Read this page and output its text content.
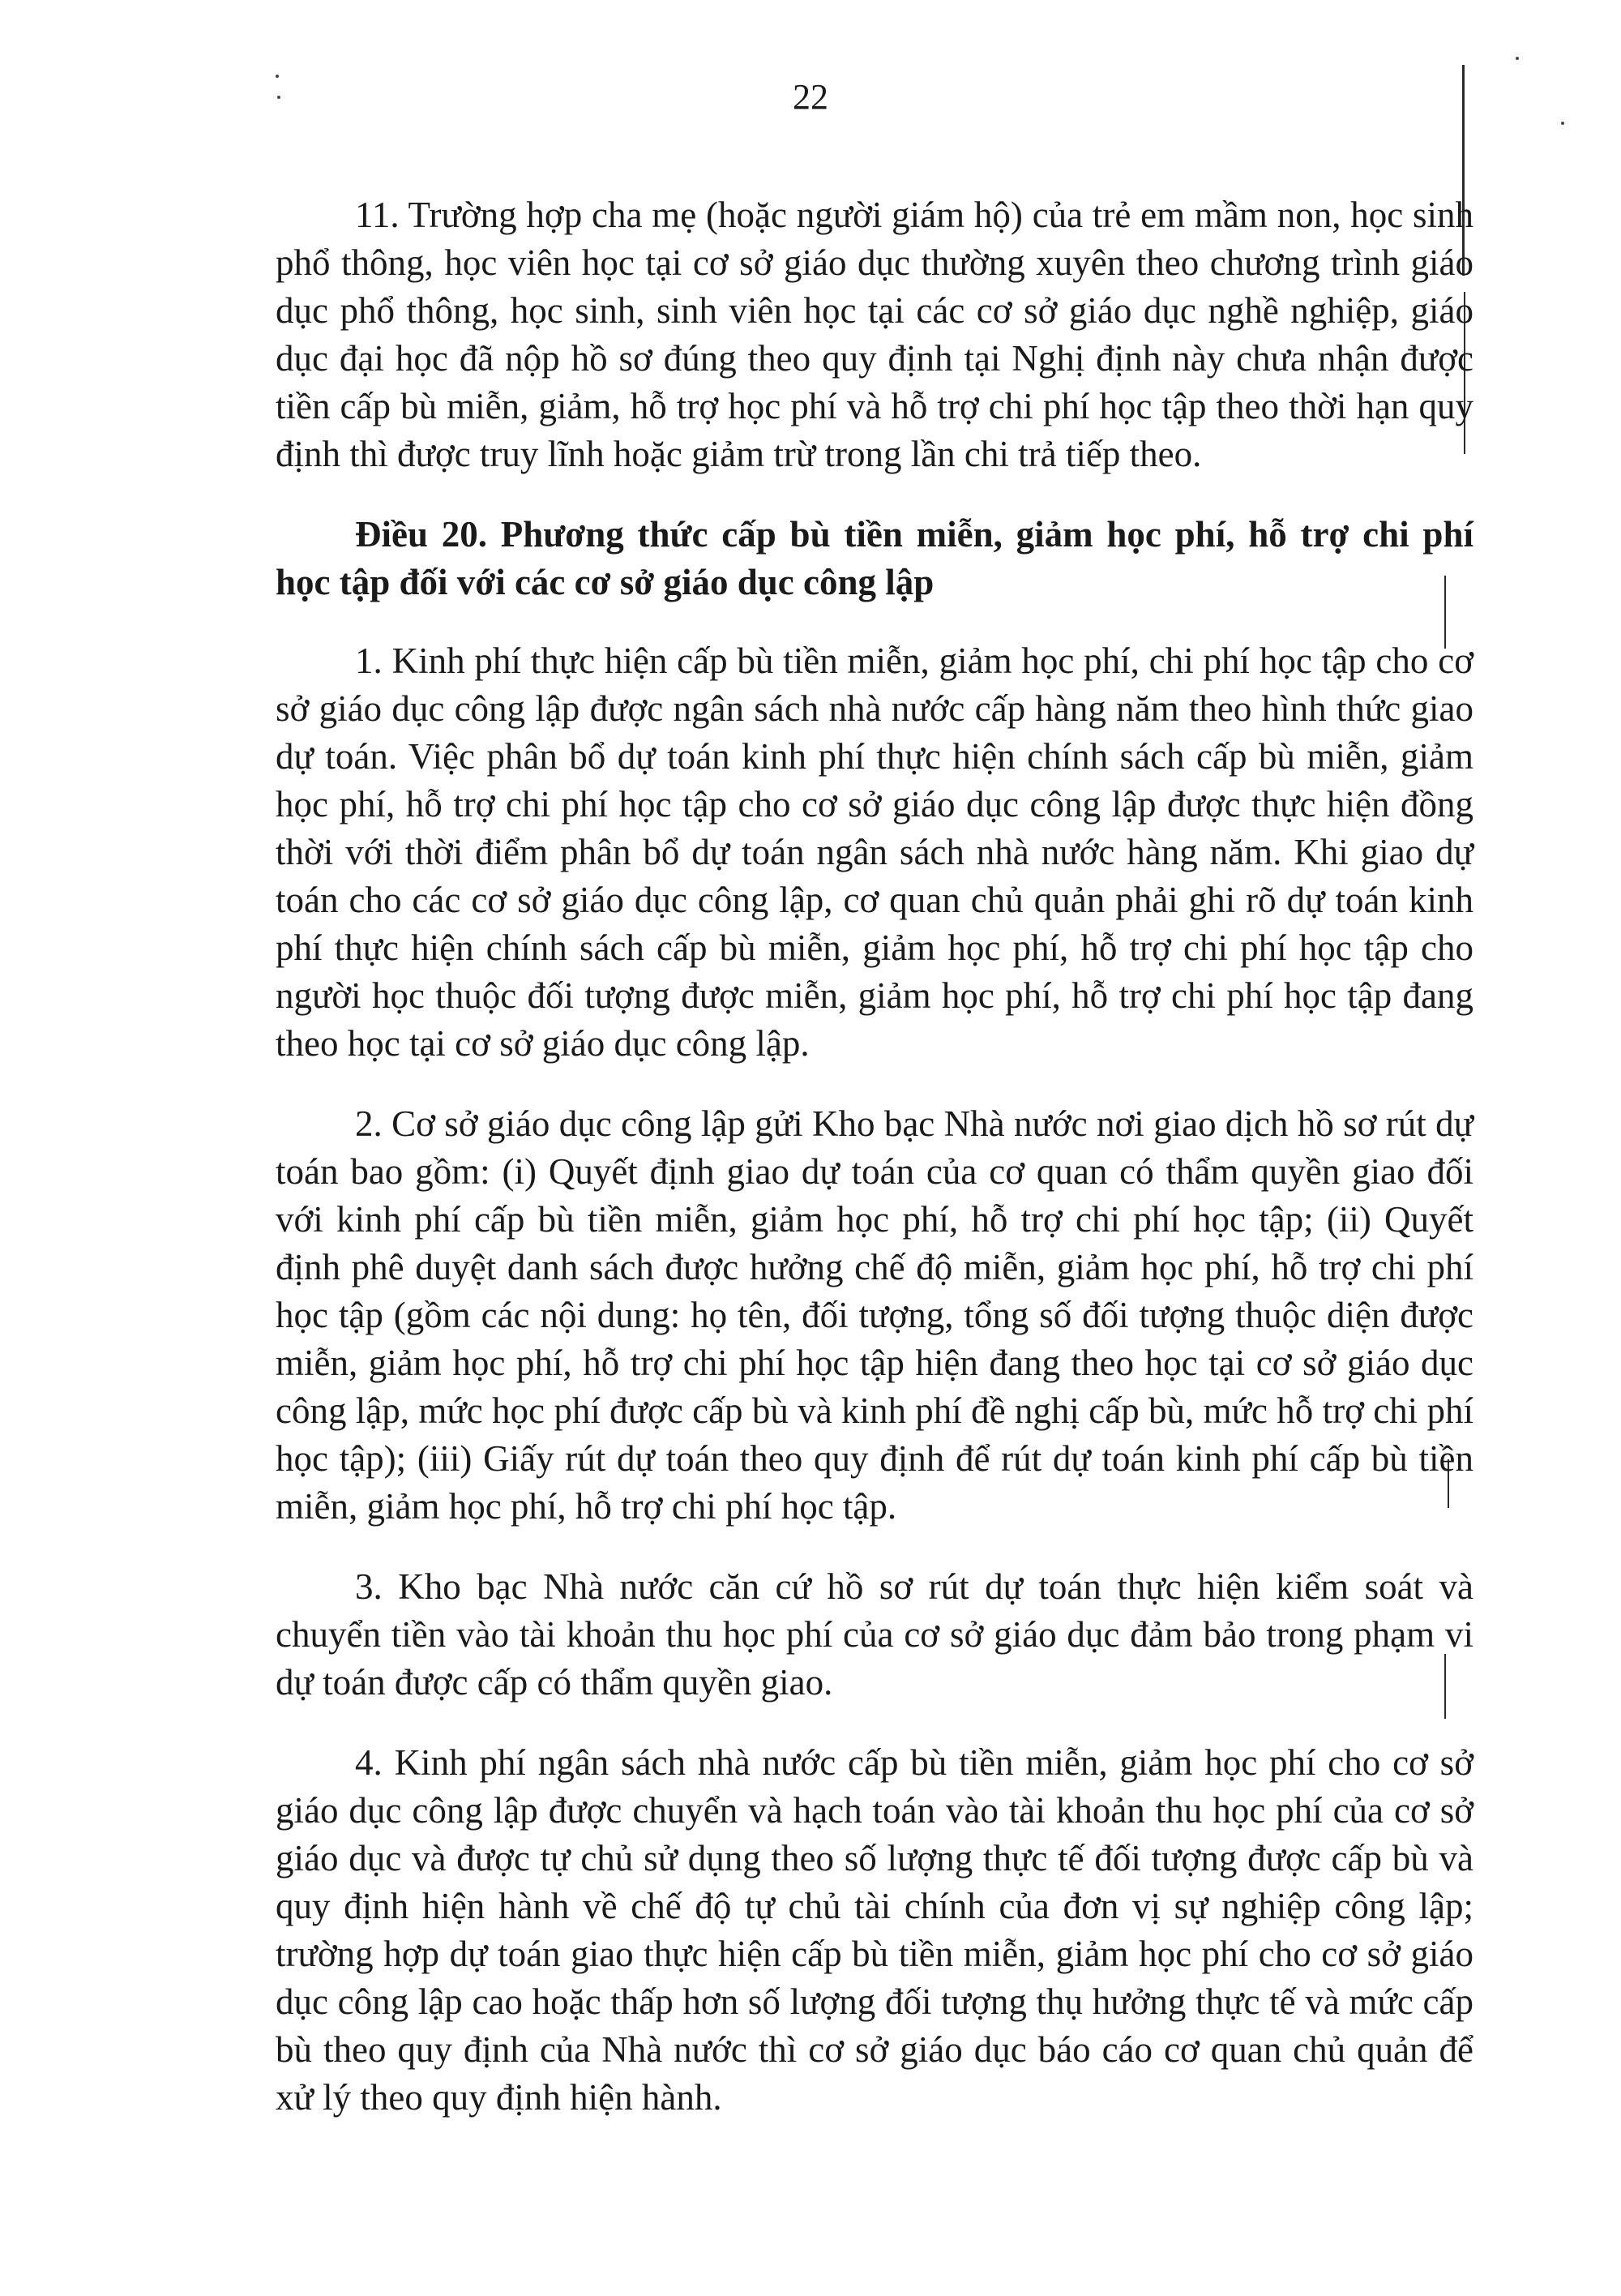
22

11. Trường hợp cha mẹ (hoặc người giám hộ) của trẻ em mầm non, học sinh phổ thông, học viên học tại cơ sở giáo dục thường xuyên theo chương trình giáo dục phổ thông, học sinh, sinh viên học tại các cơ sở giáo dục nghề nghiệp, giáo dục đại học đã nộp hồ sơ đúng theo quy định tại Nghị định này chưa nhận được tiền cấp bù miễn, giảm, hỗ trợ học phí và hỗ trợ chi phí học tập theo thời hạn quy định thì được truy lĩnh hoặc giảm trừ trong lần chi trả tiếp theo.

Điều 20. Phương thức cấp bù tiền miễn, giảm học phí, hỗ trợ chi phí học tập đối với các cơ sở giáo dục công lập

1. Kinh phí thực hiện cấp bù tiền miễn, giảm học phí, chi phí học tập cho cơ sở giáo dục công lập được ngân sách nhà nước cấp hàng năm theo hình thức giao dự toán. Việc phân bổ dự toán kinh phí thực hiện chính sách cấp bù miễn, giảm học phí, hỗ trợ chi phí học tập cho cơ sở giáo dục công lập được thực hiện đồng thời với thời điểm phân bổ dự toán ngân sách nhà nước hàng năm. Khi giao dự toán cho các cơ sở giáo dục công lập, cơ quan chủ quản phải ghi rõ dự toán kinh phí thực hiện chính sách cấp bù miễn, giảm học phí, hỗ trợ chi phí học tập cho người học thuộc đối tượng được miễn, giảm học phí, hỗ trợ chi phí học tập đang theo học tại cơ sở giáo dục công lập.

2. Cơ sở giáo dục công lập gửi Kho bạc Nhà nước nơi giao dịch hồ sơ rút dự toán bao gồm: (i) Quyết định giao dự toán của cơ quan có thẩm quyền giao đối với kinh phí cấp bù tiền miễn, giảm học phí, hỗ trợ chi phí học tập; (ii) Quyết định phê duyệt danh sách được hưởng chế độ miễn, giảm học phí, hỗ trợ chi phí học tập (gồm các nội dung: họ tên, đối tượng, tổng số đối tượng thuộc diện được miễn, giảm học phí, hỗ trợ chi phí học tập hiện đang theo học tại cơ sở giáo dục công lập, mức học phí được cấp bù và kinh phí đề nghị cấp bù, mức hỗ trợ chi phí học tập); (iii) Giấy rút dự toán theo quy định để rút dự toán kinh phí cấp bù tiền miễn, giảm học phí, hỗ trợ chi phí học tập.

3. Kho bạc Nhà nước căn cứ hồ sơ rút dự toán thực hiện kiểm soát và chuyển tiền vào tài khoản thu học phí của cơ sở giáo dục đảm bảo trong phạm vi dự toán được cấp có thẩm quyền giao.

4. Kinh phí ngân sách nhà nước cấp bù tiền miễn, giảm học phí cho cơ sở giáo dục công lập được chuyển và hạch toán vào tài khoản thu học phí của cơ sở giáo dục và được tự chủ sử dụng theo số lượng thực tế đối tượng được cấp bù và quy định hiện hành về chế độ tự chủ tài chính của đơn vị sự nghiệp công lập; trường hợp dự toán giao thực hiện cấp bù tiền miễn, giảm học phí cho cơ sở giáo dục công lập cao hoặc thấp hơn số lượng đối tượng thụ hưởng thực tế và mức cấp bù theo quy định của Nhà nước thì cơ sở giáo dục báo cáo cơ quan chủ quản để xử lý theo quy định hiện hành.
